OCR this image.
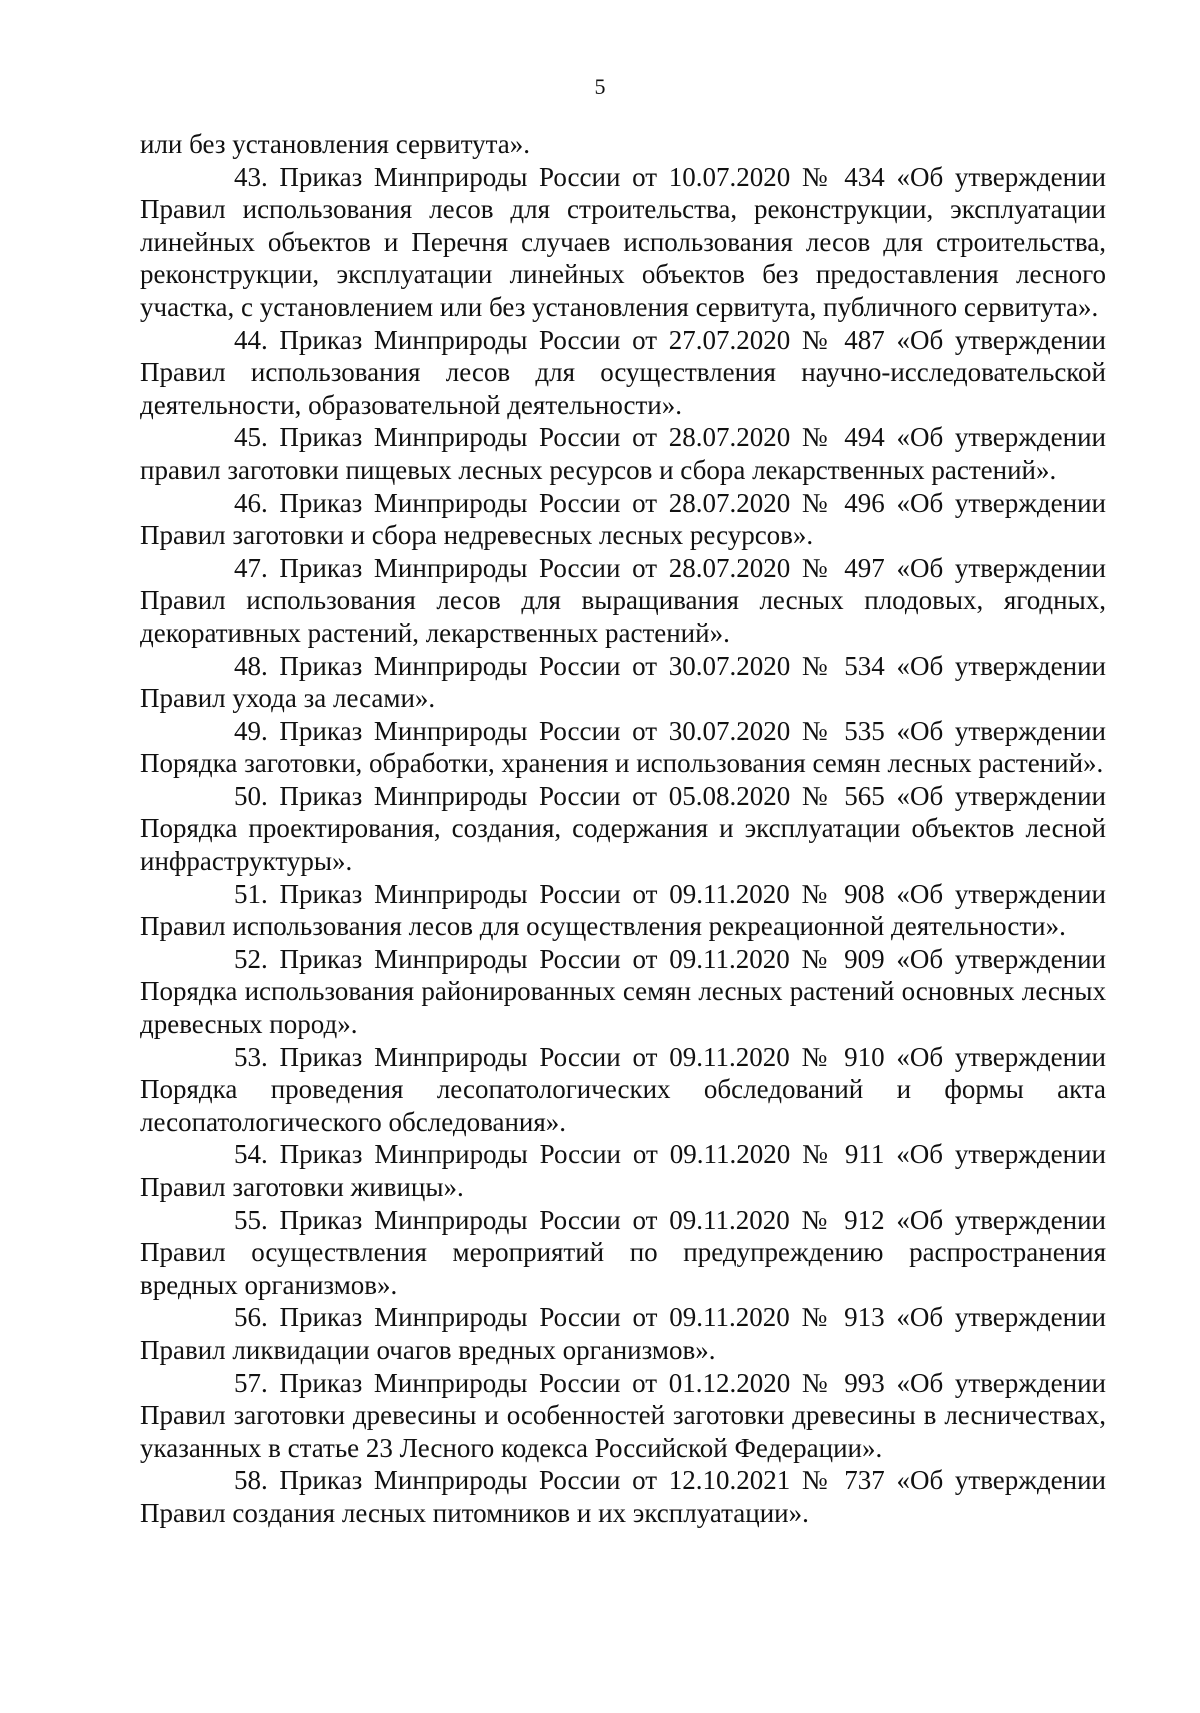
5

или без установления сервитута».

43. Приказ Минприроды России от 10.07.2020 № 434 «Об утверждении Правил использования лесов для строительства, реконструкции, эксплуатации линейных объектов и Перечня случаев использования лесов для строительства, реконструкции, эксплуатации линейных объектов без предоставления лесного участка, с установлением или без установления сервитута, публичного сервитута».

44. Приказ Минприроды России от 27.07.2020 № 487 «Об утверждении Правил использования лесов для осуществления научно-исследовательской деятельности, образовательной деятельности».

45. Приказ Минприроды России от 28.07.2020 № 494 «Об утверждении правил заготовки пищевых лесных ресурсов и сбора лекарственных растений».

46. Приказ Минприроды России от 28.07.2020 № 496 «Об утверждении Правил заготовки и сбора недревесных лесных ресурсов».

47. Приказ Минприроды России от 28.07.2020 № 497 «Об утверждении Правил использования лесов для выращивания лесных плодовых, ягодных, декоративных растений, лекарственных растений».

48. Приказ Минприроды России от 30.07.2020 № 534 «Об утверждении Правил ухода за лесами».

49. Приказ Минприроды России от 30.07.2020 № 535 «Об утверждении Порядка заготовки, обработки, хранения и использования семян лесных растений».

50. Приказ Минприроды России от 05.08.2020 № 565 «Об утверждении Порядка проектирования, создания, содержания и эксплуатации объектов лесной инфраструктуры».

51. Приказ Минприроды России от 09.11.2020 № 908 «Об утверждении Правил использования лесов для осуществления рекреационной деятельности».

52. Приказ Минприроды России от 09.11.2020 № 909 «Об утверждении Порядка использования районированных семян лесных растений основных лесных древесных пород».

53. Приказ Минприроды России от 09.11.2020 № 910 «Об утверждении Порядка проведения лесопатологических обследований и формы акта лесопатологического обследования».

54. Приказ Минприроды России от 09.11.2020 № 911 «Об утверждении Правил заготовки живицы».

55. Приказ Минприроды России от 09.11.2020 № 912 «Об утверждении Правил осуществления мероприятий по предупреждению распространения вредных организмов».

56. Приказ Минприроды России от 09.11.2020 № 913 «Об утверждении Правил ликвидации очагов вредных организмов».

57. Приказ Минприроды России от 01.12.2020 № 993 «Об утверждении Правил заготовки древесины и особенностей заготовки древесины в лесничествах, указанных в статье 23 Лесного кодекса Российской Федерации».

58. Приказ Минприроды России от 12.10.2021 № 737 «Об утверждении Правил создания лесных питомников и их эксплуатации».
